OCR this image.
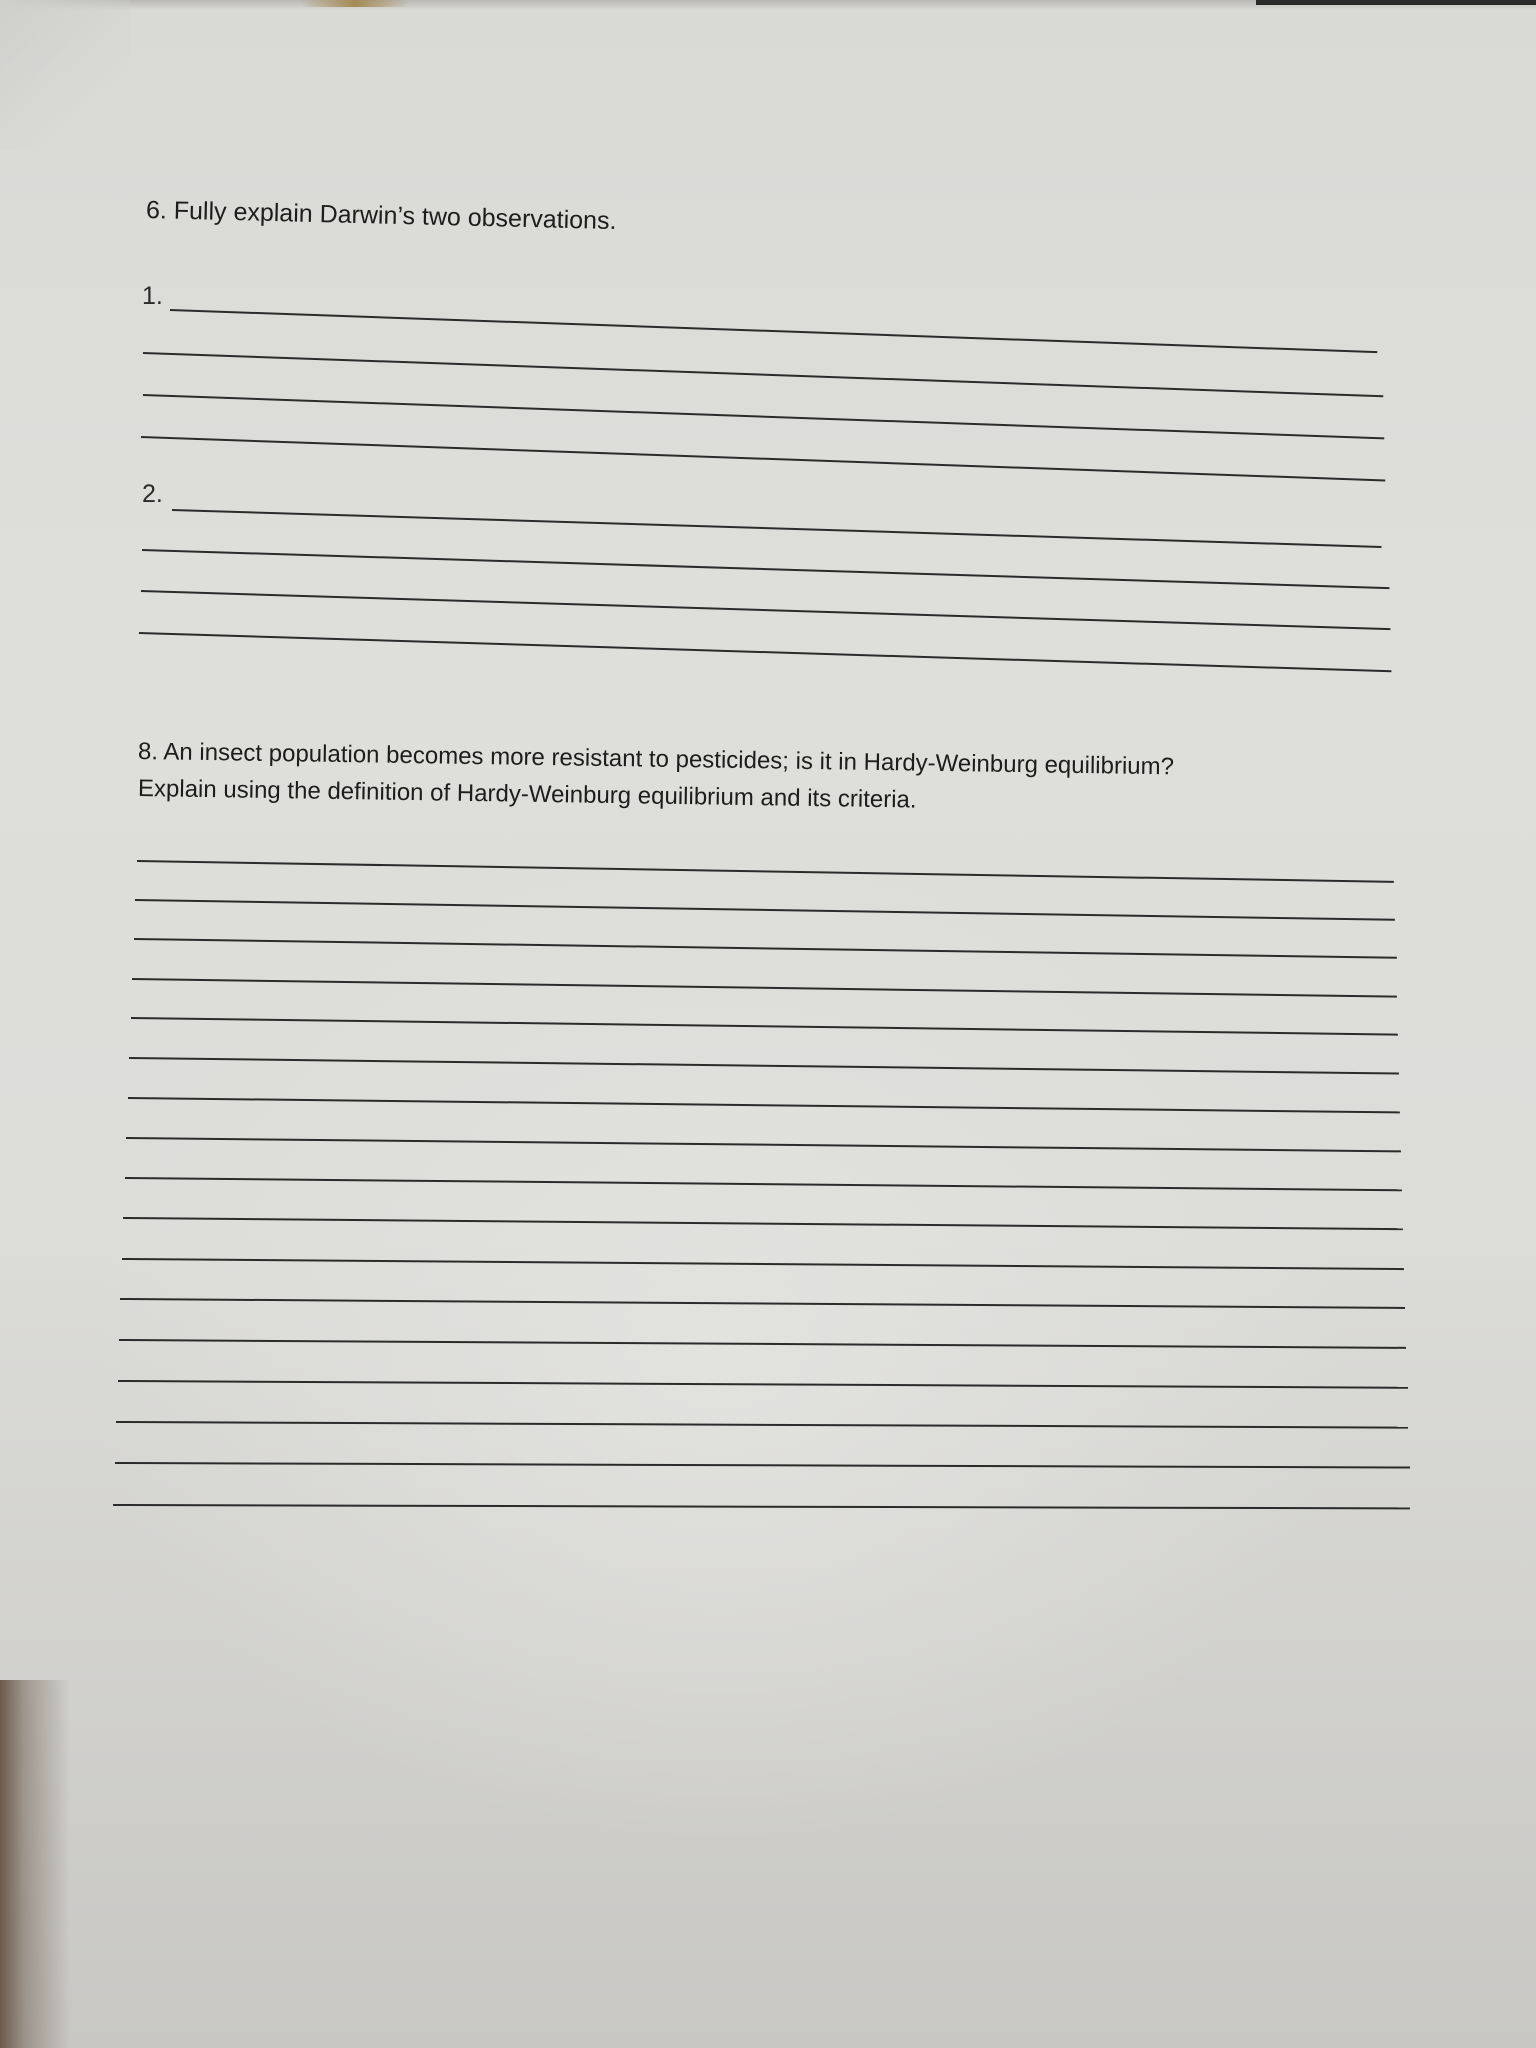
6. Fully explain Darwin’s two observations.

1.
2.

8. An insect population becomes more resistant to pesticides; is it in Hardy-Weinburg equilibrium?

Explain using the definition of Hardy-Weinburg equilibrium and its criteria.
